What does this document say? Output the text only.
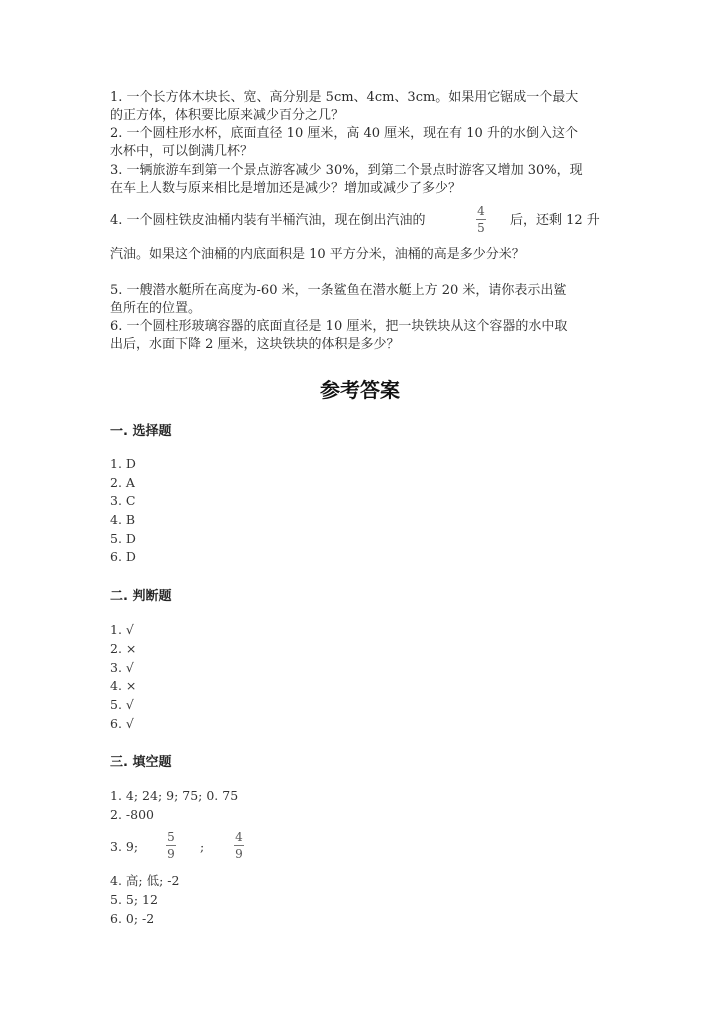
1. 一个长方体木块长、宽、高分别是 5cm、4cm、3cm。如果用它锯成一个最大
的正方体，体积要比原来减少百分之几？
2. 一个圆柱形水杯，底面直径 10 厘米，高 40 厘米，现在有 10 升的水倒入这个
水杯中，可以倒满几杯？
3. 一辆旅游车到第一个景点游客减少 30%，到第二个景点时游客又增加 30%，现
在车上人数与原来相比是增加还是减少？增加或减少了多少？
4. 一个圆柱铁皮油桶内装有半桶汽油，现在倒出汽油的
4
5 后，还剩 12 升
汽油。如果这个油桶的内底面积是 10 平方分米，油桶的高是多少分米？
5. 一艘潜水艇所在高度为-60 米，一条鲨鱼在潜水艇上方 20 米，请你表示出鲨
鱼所在的位置。
6. 一个圆柱形玻璃容器的底面直径是 10 厘米，把一块铁块从这个容器的水中取
出后，水面下降 2 厘米，这块铁块的体积是多少？
参考答案
一. 选择题
1. D
2. A
3. C
4. B
5. D
6. D
二. 判断题
1. √
2. ×
3. √
4. ×
5. √
6. √
三. 填空题
1. 4; 24; 9; 75; 0. 75
2. -800
3. 9;
5
9 ;
4
9
4. 高; 低; -2
5. 5; 12
6. 0; -2
